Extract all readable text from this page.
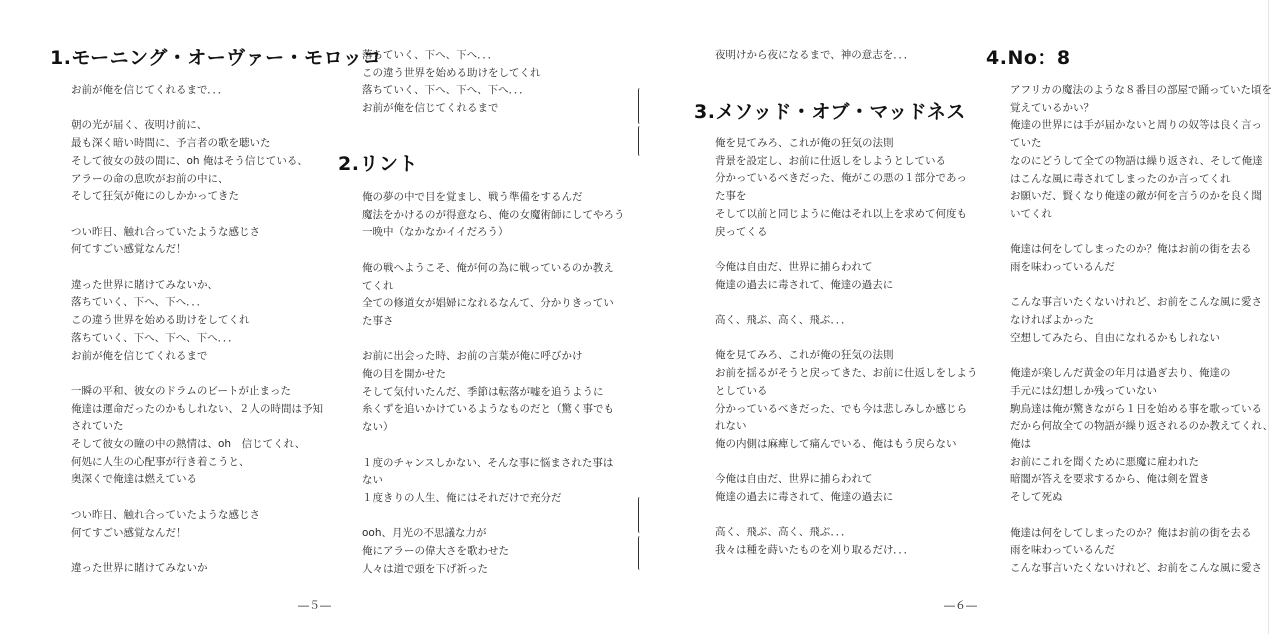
1.モーニング・オーヴァー・モロッコ
お前が俺を信じてくれるまで．．．
朝の光が届く、夜明け前に、
最も深く暗い時間に、予言者の歌を聴いた
そして彼女の鼓の間に、oh 俺はそう信じている、
アラーの命の息吹がお前の中に、
そして狂気が俺にのしかかってきた
つい昨日、触れ合っていたような感じさ
何てすごい感覚なんだ！
違った世界に賭けてみないか、
落ちていく、下へ、下へ．．．
この違う世界を始める助けをしてくれ
落ちていく、下へ、下へ、下へ．．．
お前が俺を信じてくれるまで
一瞬の平和、彼女のドラムのビートが止まった
俺達は運命だったのかもしれない、２人の時間は予知
されていた
そして彼女の瞳の中の熱情は、oh　信じてくれ、
何処に人生の心配事が行き着こうと、
奥深くで俺達は燃えている
つい昨日、触れ合っていたような感じさ
何てすごい感覚なんだ！
違った世界に賭けてみないか
落ちていく、下へ、下へ．．．
この違う世界を始める助けをしてくれ
落ちていく、下へ、下へ、下へ．．．
お前が俺を信じてくれるまで
2.リント
俺の夢の中で目を覚まし、戦う準備をするんだ
魔法をかけるのが得意なら、俺の女魔術師にしてやろう
一晩中（なかなかイイだろう）
俺の戦へようこそ、俺が何の為に戦っているのか教え
てくれ
全ての修道女が娼婦になれるなんて、分かりきってい
た事さ
お前に出会った時、お前の言葉が俺に呼びかけ
俺の目を開かせた
そして気付いたんだ、季節は転落が嘘を追うように
糸くずを追いかけているようなものだと（驚く事でも
ない）
１度のチャンスしかない、そんな事に悩まされた事は
ない
１度きりの人生、俺にはそれだけで充分だ
ooh、月光の不思議な力が
俺にアラーの偉大さを歌わせた
人々は道で頭を下げ祈った
夜明けから夜になるまで、神の意志を．．．
3.メソッド・オブ・マッドネス
俺を見てみろ、これが俺の狂気の法則
背景を設定し、お前に仕返しをしようとしている
分かっているべきだった、俺がこの悪の１部分であっ
た事を
そして以前と同じように俺はそれ以上を求めて何度も
戻ってくる
今俺は自由だ、世界に捕らわれて
俺達の過去に毒されて、俺達の過去に
高く、飛ぶ、高く、飛ぶ．．．
俺を見てみろ、これが俺の狂気の法則
お前を揺るがそうと戻ってきた、お前に仕返しをしよう
としている
分かっているべきだった、でも今は悲しみしか感じら
れない
俺の内側は麻痺して痛んでいる、俺はもう戻らない
今俺は自由だ、世界に捕らわれて
俺達の過去に毒されて、俺達の過去に
高く、飛ぶ、高く、飛ぶ．．．
我々は種を蒔いたものを刈り取るだけ．．．
4.No：8
アフリカの魔法のような８番目の部屋で踊っていた頃を
覚えているかい？
俺達の世界には手が届かないと周りの奴等は良く言っ
ていた
なのにどうして全ての物語は繰り返され、そして俺達
はこんな風に毒されてしまったのか言ってくれ
お願いだ、賢くなり俺達の敵が何を言うのかを良く聞
いてくれ
俺達は何をしてしまったのか？俺はお前の街を去る
雨を味わっているんだ
こんな事言いたくないけれど、お前をこんな風に愛さ
なければよかった
空想してみたら、自由になれるかもしれない
俺達が楽しんだ黄金の年月は過ぎ去り、俺達の
手元には幻想しか残っていない
駒鳥達は俺が驚きながら１日を始める事を歌っている
だから何故全ての物語が繰り返されるのか教えてくれ、
俺は
お前にこれを聞くために悪魔に雇われた
暗闇が答えを要求するから、俺は剣を置き
そして死ぬ
俺達は何をしてしまったのか？俺はお前の街を去る
雨を味わっているんだ
こんな事言いたくないけれど、お前をこんな風に愛さ
―５―	―６―
